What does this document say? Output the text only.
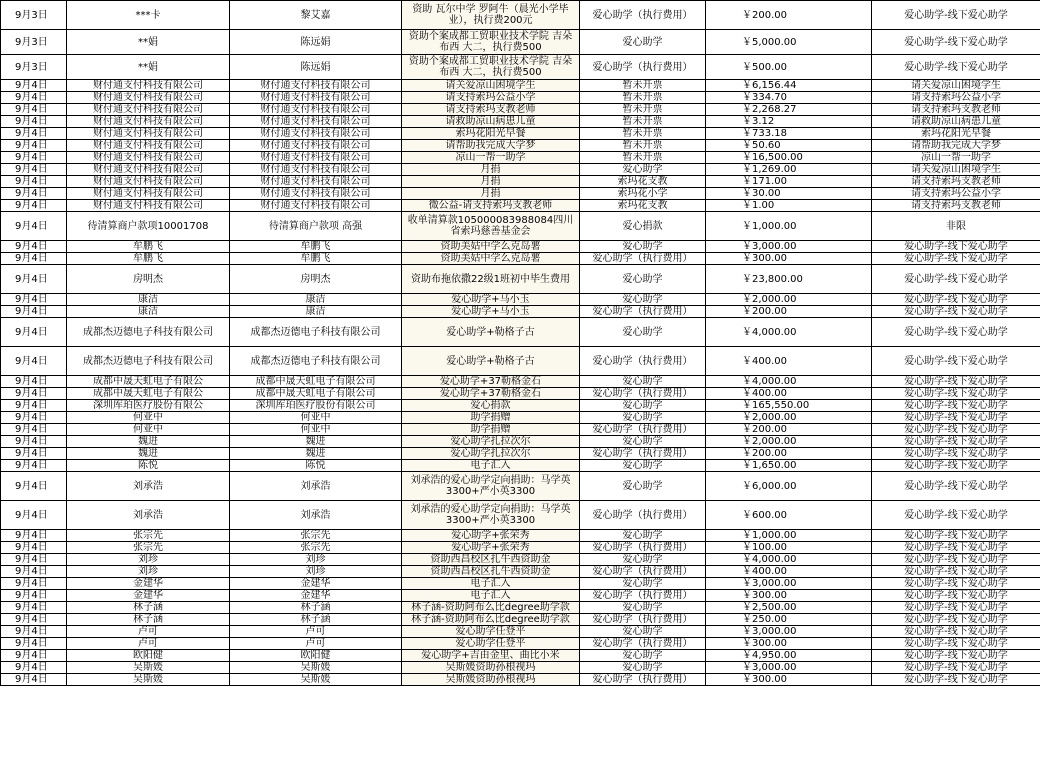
9月3日	***卡	黎艾嘉	资助 瓦尔中学 罗阿牛（晨光小学毕业），执行费200元	爱心助学（执行费用）	￥200.00	爱心助学-线下爱心助学
9月3日	**娟	陈远娟	资助个案成都工贸职业技术学院 吉朵布西 大二，执行费500	爱心助学	￥5,000.00	爱心助学-线下爱心助学
9月3日	**娟	陈远娟	资助个案成都工贸职业技术学院 吉朵布西 大二，执行费500	爱心助学（执行费用）	￥500.00	爱心助学-线下爱心助学
9月4日	财付通支付科技有限公司	财付通支付科技有限公司	请关爱凉山困境学生	暂未开票	￥6,156.44	请关爱凉山困境学生
9月4日	财付通支付科技有限公司	财付通支付科技有限公司	请支持索玛公益小学	暂未开票	￥334.70	请支持索玛公益小学
9月4日	财付通支付科技有限公司	财付通支付科技有限公司	请支持索玛支教老师	暂未开票	￥2,268.27	请支持索玛支教老师
9月4日	财付通支付科技有限公司	财付通支付科技有限公司	请救助凉山病患儿童	暂未开票	￥3.12	请救助凉山病患儿童
9月4日	财付通支付科技有限公司	财付通支付科技有限公司	索玛花阳光早餐	暂未开票	￥733.18	索玛花阳光早餐
9月4日	财付通支付科技有限公司	财付通支付科技有限公司	请帮助我完成大学梦	暂未开票	￥50.60	请帮助我完成大学梦
9月4日	财付通支付科技有限公司	财付通支付科技有限公司	凉山一帮一助学	暂未开票	￥16,500.00	凉山一帮一助学
9月4日	财付通支付科技有限公司	财付通支付科技有限公司	月捐	爱心助学	￥1,269.00	请关爱凉山困境学生
9月4日	财付通支付科技有限公司	财付通支付科技有限公司	月捐	索玛花支教	￥171.00	请支持索玛支教老师
9月4日	财付通支付科技有限公司	财付通支付科技有限公司	月捐	索玛花小学	￥30.00	请支持索玛公益小学
9月4日	财付通支付科技有限公司	财付通支付科技有限公司	微公益-请支持索玛支教老师	索玛花支教	￥1.00	请支持索玛支教老师
9月4日	待清算商户款项10001708	待清算商户款项 高强	收单清算款105000083988084四川省索玛慈善基金会	爱心捐款	￥1,000.00	非限
9月4日	牟鹏飞	牟鹏飞	资助美姑中学么克岛薯	爱心助学	￥3,000.00	爱心助学-线下爱心助学
9月4日	牟鹏飞	牟鹏飞	资助美姑中学么克岛薯	爱心助学（执行费用）	￥300.00	爱心助学-线下爱心助学
9月4日	房明杰	房明杰	资助布拖依撒22级1班初中毕生费用	爱心助学	￥23,800.00	爱心助学-线下爱心助学
9月4日	康洁	康洁	爱心助学+马小玉	爱心助学	￥2,000.00	爱心助学-线下爱心助学
9月4日	康洁	康洁	爱心助学+马小玉	爱心助学（执行费用）	￥200.00	爱心助学-线下爱心助学
9月4日	成都杰迈德电子科技有限公司	成都杰迈德电子科技有限公司	爱心助学+勒格子古	爱心助学	￥4,000.00	爱心助学-线下爱心助学
9月4日	成都杰迈德电子科技有限公司	成都杰迈德电子科技有限公司	爱心助学+勒格子古	爱心助学（执行费用）	￥400.00	爱心助学-线下爱心助学
9月4日	成都中晟天虹电子有限公	成都中晟天虹电子有限公司	爱心助学+37勒格金石	爱心助学	￥4,000.00	爱心助学-线下爱心助学
9月4日	成都中晟天虹电子有限公	成都中晟天虹电子有限公司	爱心助学+37勒格金石	爱心助学（执行费用）	￥400.00	爱心助学-线下爱心助学
9月4日	深圳库珀医疗股份有限公	深圳库珀医疗股份有限公司	爱心捐款	爱心助学	￥165,550.00	爱心助学-线下爱心助学
9月4日	何亚中	何亚中	助学捐赠	爱心助学	￥2,000.00	爱心助学-线下爱心助学
9月4日	何亚中	何亚中	助学捐赠	爱心助学（执行费用）	￥200.00	爱心助学-线下爱心助学
9月4日	魏进	魏进	爱心助学扎拉次尔	爱心助学	￥2,000.00	爱心助学-线下爱心助学
9月4日	魏进	魏进	爱心助学扎拉次尔	爱心助学（执行费用）	￥200.00	爱心助学-线下爱心助学
9月4日	陈悦	陈悦	电子汇入	爱心助学	￥1,650.00	爱心助学-线下爱心助学
9月4日	刘承浩	刘承浩	刘承浩的爱心助学定向捐助：马学英3300+严小英3300	爱心助学	￥6,000.00	爱心助学-线下爱心助学
9月4日	刘承浩	刘承浩	刘承浩的爱心助学定向捐助：马学英3300+严小英3300	爱心助学（执行费用）	￥600.00	爱心助学-线下爱心助学
9月4日	张宗先	张宗先	爱心助学+张荣秀	爱心助学	￥1,000.00	爱心助学-线下爱心助学
9月4日	张宗先	张宗先	爱心助学+张荣秀	爱心助学（执行费用）	￥100.00	爱心助学-线下爱心助学
9月4日	刘珍	刘珍	资助西昌校区扎牛西资助金	爱心助学	￥4,000.00	爱心助学-线下爱心助学
9月4日	刘珍	刘珍	资助西昌校区扎牛西资助金	爱心助学（执行费用）	￥400.00	爱心助学-线下爱心助学
9月4日	金建华	金建华	电子汇入	爱心助学	￥3,000.00	爱心助学-线下爱心助学
9月4日	金建华	金建华	电子汇入	爱心助学（执行费用）	￥300.00	爱心助学-线下爱心助学
9月4日	林子涵	林子涵	林子涵-资助阿布么比degree助学款	爱心助学	￥2,500.00	爱心助学-线下爱心助学
9月4日	林子涵	林子涵	林子涵-资助阿布么比degree助学款	爱心助学（执行费用）	￥250.00	爱心助学-线下爱心助学
9月4日	卢可	卢可	爱心助学任登平	爱心助学	￥3,000.00	爱心助学-线下爱心助学
9月4日	卢可	卢可	爱心助学任登平	爱心助学（执行费用）	￥300.00	爱心助学-线下爱心助学
9月4日	欧阳健	欧阳健	爱心助学+吉由金里、曲比小米	爱心助学	￥4,950.00	爱心助学-线下爱心助学
9月4日	吴斯媛	吴斯媛	吴斯媛资助孙根视玛	爱心助学	￥3,000.00	爱心助学-线下爱心助学
9月4日	吴斯媛	吴斯媛	吴斯媛资助孙根视玛	爱心助学（执行费用）	￥300.00	爱心助学-线下爱心助学
